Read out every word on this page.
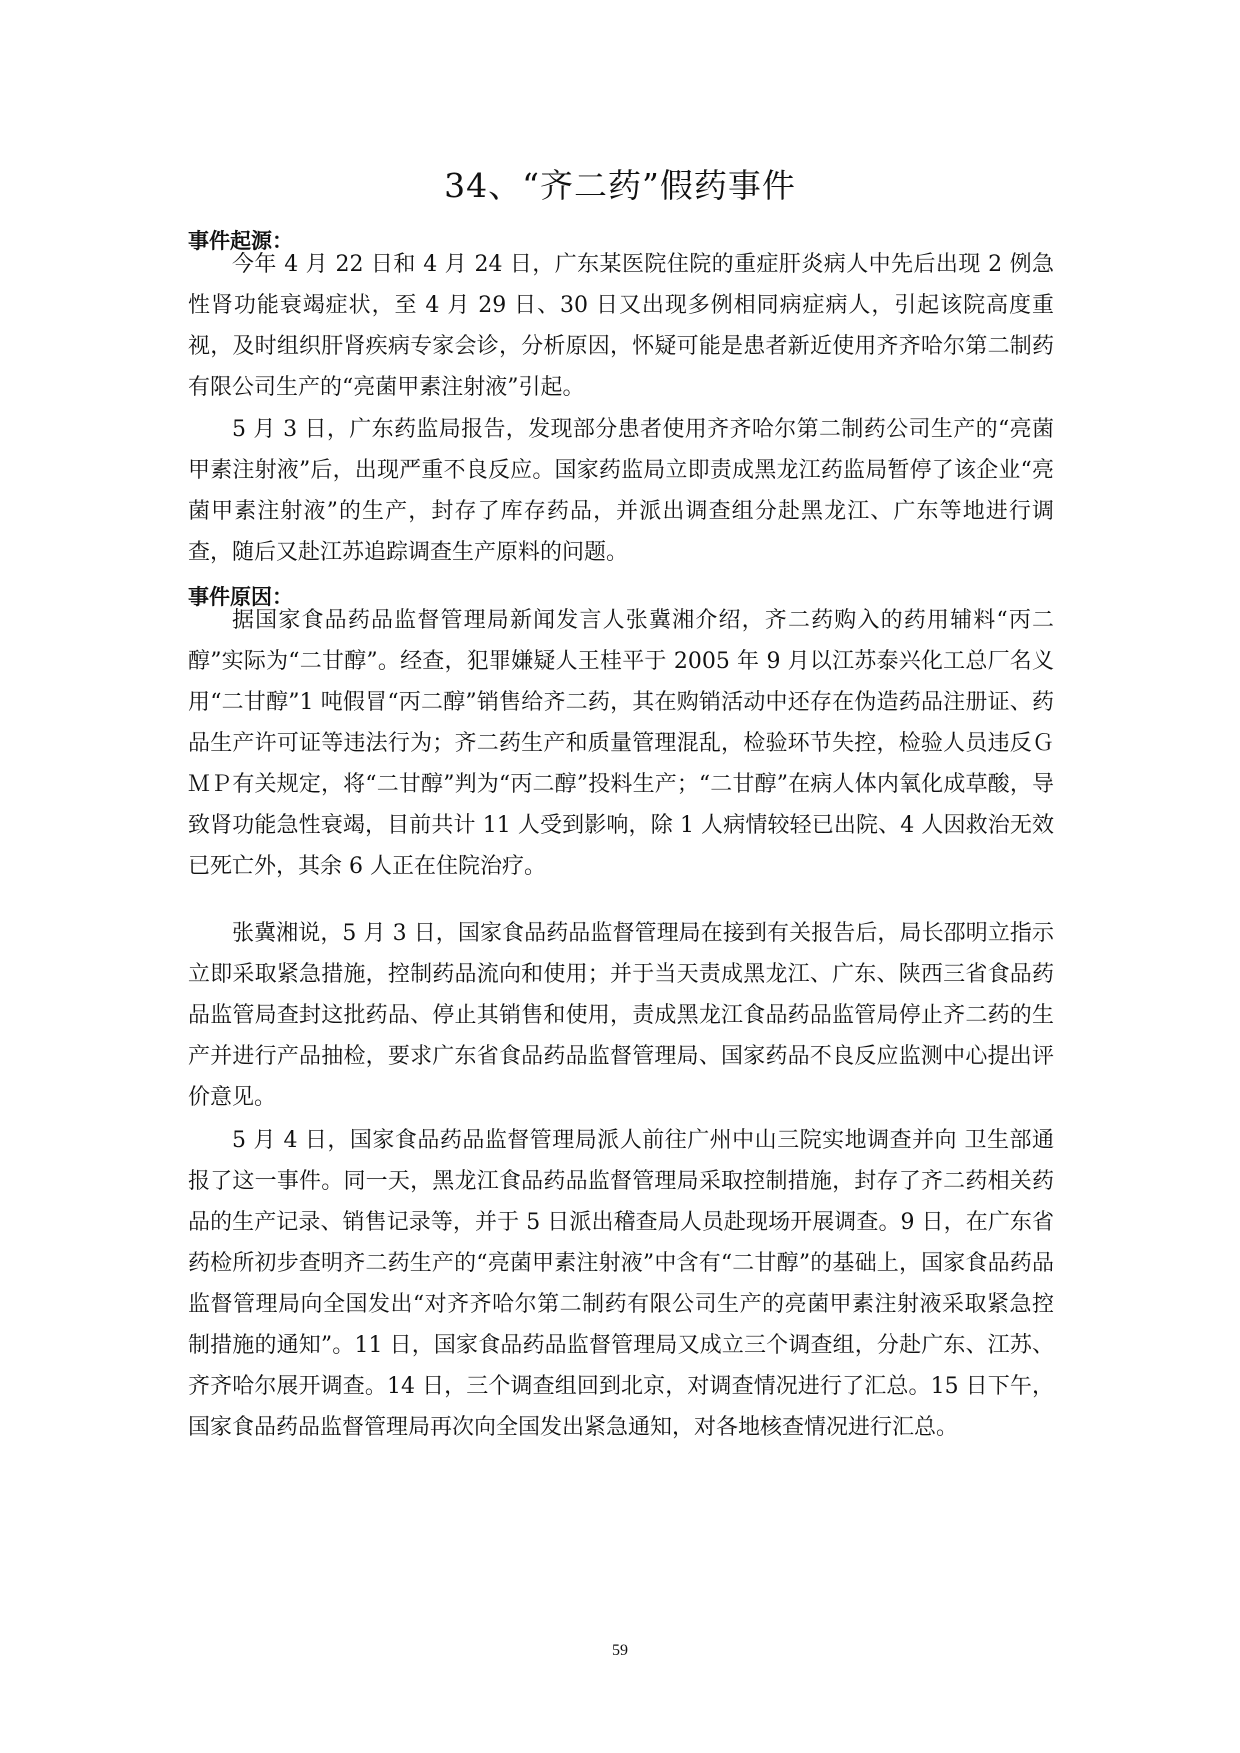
34、“齐二药”假药事件
事件起源：

今年 4 月 22 日和 4 月 24 日，广东某医院住院的重症肝炎病人中先后出现 2 例急性肾功能衰竭症状，至 4 月 29 日、30 日又出现多例相同病症病人，引起该院高度重视，及时组织肝肾疾病专家会诊，分析原因，怀疑可能是患者新近使用齐齐哈尔第二制药有限公司生产的“亮菌甲素注射液”引起。

5 月 3 日，广东药监局报告，发现部分患者使用齐齐哈尔第二制药公司生产的“亮菌甲素注射液”后，出现严重不良反应。国家药监局立即责成黑龙江药监局暂停了该企业“亮菌甲素注射液”的生产，封存了库存药品，并派出调查组分赴黑龙江、广东等地进行调查，随后又赴江苏追踪调查生产原料的问题。

事件原因：

据国家食品药品监督管理局新闻发言人张冀湘介绍，齐二药购入的药用辅料“丙二醇”实际为“二甘醇”。经查，犯罪嫌疑人王桂平于 2005 年 9 月以江苏泰兴化工总厂名义用“二甘醇”1 吨假冒“丙二醇”销售给齐二药，其在购销活动中还存在伪造药品注册证、药品生产许可证等违法行为；齐二药生产和质量管理混乱，检验环节失控，检验人员违反ＧＭＰ有关规定，将“二甘醇”判为“丙二醇”投料生产；“二甘醇”在病人体内氧化成草酸，导致肾功能急性衰竭，目前共计 11 人受到影响，除 1 人病情较轻已出院、4 人因救治无效已死亡外，其余 6 人正在住院治疗。

张冀湘说，5 月 3 日，国家食品药品监督管理局在接到有关报告后，局长邵明立指示立即采取紧急措施，控制药品流向和使用；并于当天责成黑龙江、广东、陕西三省食品药品监管局查封这批药品、停止其销售和使用，责成黑龙江食品药品监管局停止齐二药的生产并进行产品抽检，要求广东省食品药品监督管理局、国家药品不良反应监测中心提出评价意见。

5 月 4 日，国家食品药品监督管理局派人前往广州中山三院实地调查并向 卫生部通报了这一事件。同一天，黑龙江食品药品监督管理局采取控制措施，封存了齐二药相关药品的生产记录、销售记录等，并于 5 日派出稽查局人员赴现场开展调查。9 日，在广东省药检所初步查明齐二药生产的“亮菌甲素注射液”中含有“二甘醇”的基础上，国家食品药品监督管理局向全国发出“对齐齐哈尔第二制药有限公司生产的亮菌甲素注射液采取紧急控制措施的通知”。11 日，国家食品药品监督管理局又成立三个调查组，分赴广东、江苏、齐齐哈尔展开调查。14 日，三个调查组回到北京，对调查情况进行了汇总。15 日下午，国家食品药品监督管理局再次向全国发出紧急通知，对各地核查情况进行汇总。

59
